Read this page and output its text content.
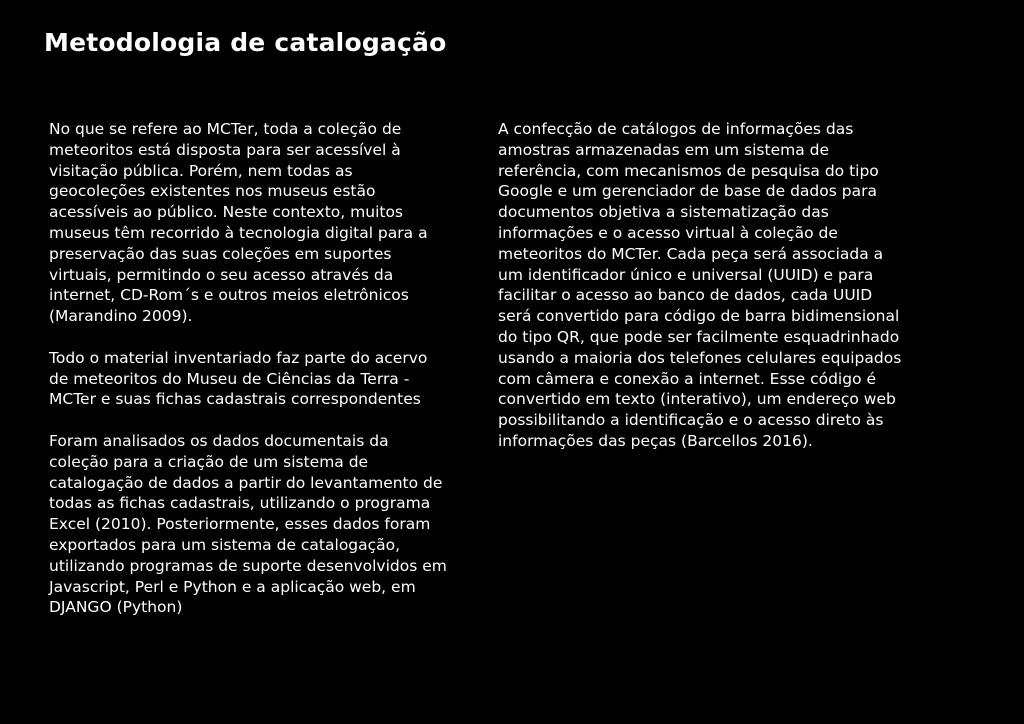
Metodologia de catalogação

No que se refere ao MCTer, toda a coleção de meteoritos está disposta para ser acessível à visitação pública. Porém, nem todas as geocoleções existentes nos museus estão acessíveis ao público. Neste contexto, muitos museus têm recorrido à tecnologia digital para a preservação das suas coleções em suportes virtuais, permitindo o seu acesso através da internet, CD-Rom´s e outros meios eletrônicos (Marandino 2009).

Todo o material inventariado faz parte do acervo de meteoritos do Museu de Ciências da Terra - MCTer e suas fichas cadastrais correspondentes

Foram analisados os dados documentais da coleção para a criação de um sistema de catalogação de dados a partir do levantamento de todas as fichas cadastrais, utilizando o programa Excel (2010). Posteriormente, esses dados foram exportados para um sistema de catalogação, utilizando programas de suporte desenvolvidos em Javascript, Perl e Python e a aplicação web, em DJANGO (Python)

A confecção de catálogos de informações das amostras armazenadas em um sistema de referência, com mecanismos de pesquisa do tipo Google e um gerenciador de base de dados para documentos objetiva a sistematização das informações e o acesso virtual à coleção de meteoritos do MCTer. Cada peça será associada a um identificador único e universal (UUID) e para facilitar o acesso ao banco de dados, cada UUID será convertido para código de barra bidimensional do tipo QR, que pode ser facilmente esquadrinhado usando a maioria dos telefones celulares equipados com câmera e conexão a internet. Esse código é convertido em texto (interativo), um endereço web possibilitando a identificação e o acesso direto às informações das peças (Barcellos 2016).
